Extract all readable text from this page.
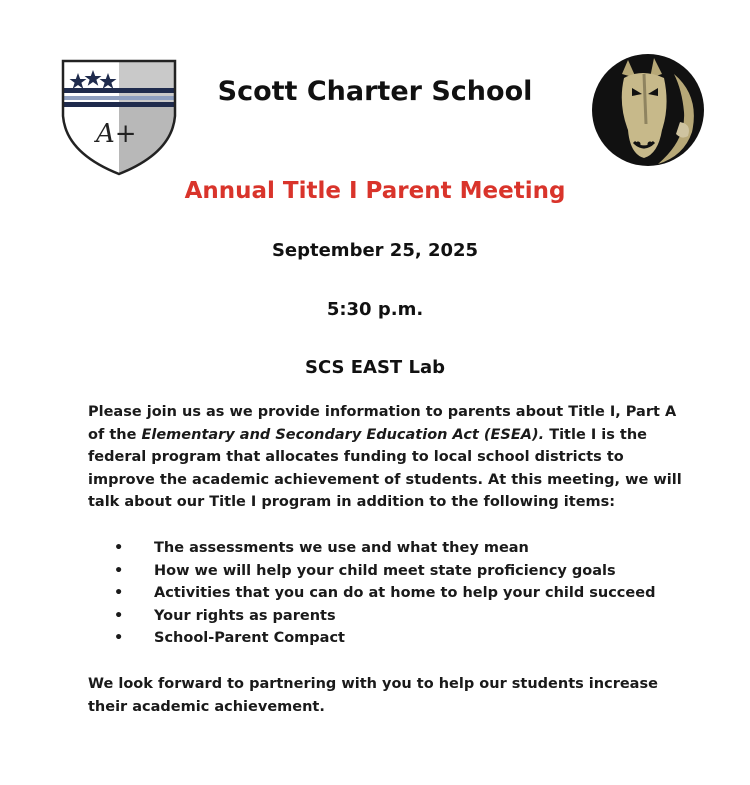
A+
Scott Charter School
Annual Title I Parent Meeting
September 25, 2025
5:30 p.m.
SCS EAST Lab

Please join us as we provide information to parents about Title I, Part A of the Elementary and Secondary Education Act (ESEA). Title I is the federal program that allocates funding to local school districts to improve the academic achievement of students. At this meeting, we will talk about our Title I program in addition to the following items:

• The assessments we use and what they mean
• How we will help your child meet state proficiency goals
• Activities that you can do at home to help your child succeed
• Your rights as parents
• School-Parent Compact

We look forward to partnering with you to help our students increase their academic achievement.
